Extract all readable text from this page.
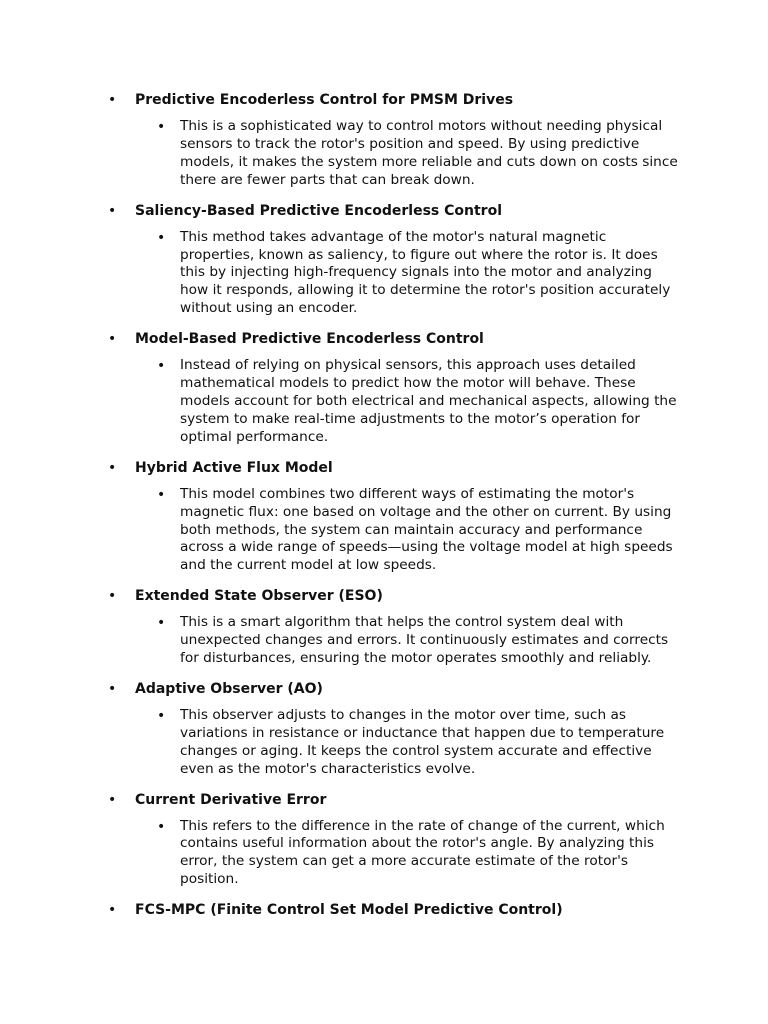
• Predictive Encoderless Control for PMSM Drives
• This is a sophisticated way to control motors without needing physical sensors to track the rotor's position and speed. By using predictive models, it makes the system more reliable and cuts down on costs since there are fewer parts that can break down.
• Saliency-Based Predictive Encoderless Control
• This method takes advantage of the motor's natural magnetic properties, known as saliency, to figure out where the rotor is. It does this by injecting high-frequency signals into the motor and analyzing how it responds, allowing it to determine the rotor's position accurately without using an encoder.
• Model-Based Predictive Encoderless Control
• Instead of relying on physical sensors, this approach uses detailed mathematical models to predict how the motor will behave. These models account for both electrical and mechanical aspects, allowing the system to make real-time adjustments to the motor’s operation for optimal performance.
• Hybrid Active Flux Model
• This model combines two different ways of estimating the motor's magnetic flux: one based on voltage and the other on current. By using both methods, the system can maintain accuracy and performance across a wide range of speeds—using the voltage model at high speeds and the current model at low speeds.
• Extended State Observer (ESO)
• This is a smart algorithm that helps the control system deal with unexpected changes and errors. It continuously estimates and corrects for disturbances, ensuring the motor operates smoothly and reliably.
• Adaptive Observer (AO)
• This observer adjusts to changes in the motor over time, such as variations in resistance or inductance that happen due to temperature changes or aging. It keeps the control system accurate and effective even as the motor's characteristics evolve.
• Current Derivative Error
• This refers to the difference in the rate of change of the current, which contains useful information about the rotor's angle. By analyzing this error, the system can get a more accurate estimate of the rotor's position.
• FCS-MPC (Finite Control Set Model Predictive Control)
